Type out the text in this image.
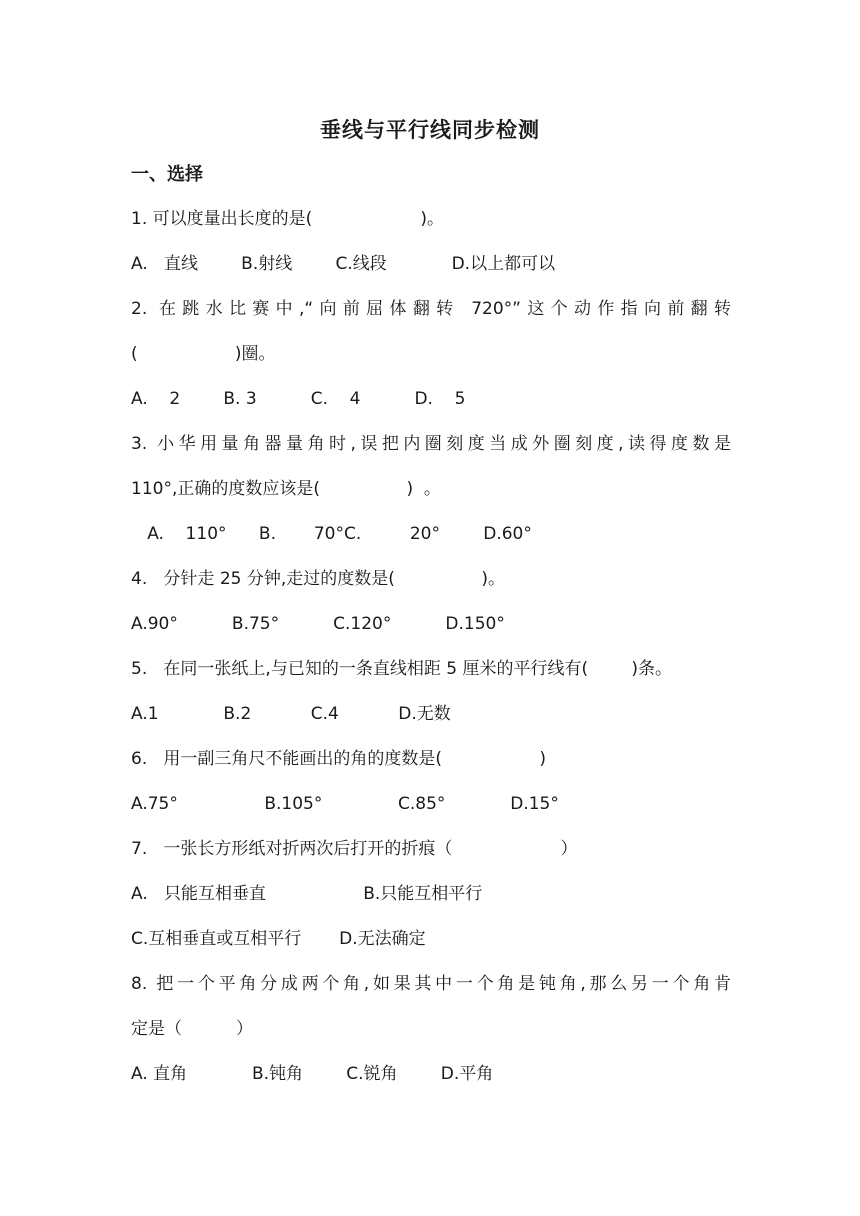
垂线与平行线同步检测
一、选择
1. 可以度量出长度的是(                    )。
A.   直线        B.射线        C.线段            D.以上都可以
2. 在跳水比赛中,“向前屈体翻转 720°”这个动作指向前翻转
(                  )圈。
A.    2        B. 3          C.    4          D.    5
3. 小华用量角器量角时,误把内圈刻度当成外圈刻度,读得度数是
110°,正确的度数应该是(                )  。
A.    110°      B.       70°C.         20°        D.60°
4.   分针走 25 分钟,走过的度数是(                )。
A.90°          B.75°          C.120°          D.150°
5.   在同一张纸上,与已知的一条直线相距 5 厘米的平行线有(        )条。
A.1            B.2           C.4           D.无数
6.   用一副三角尺不能画出的角的度数是(                  )
A.75°                B.105°              C.85°            D.15°
7.   一张长方形纸对折两次后打开的折痕（                    ）
A.   只能互相垂直                  B.只能互相平行
C.互相垂直或互相平行       D.无法确定
8. 把一个平角分成两个角,如果其中一个角是钝角,那么另一个角肯
定是（          ）
A. 直角            B.钝角        C.锐角        D.平角
